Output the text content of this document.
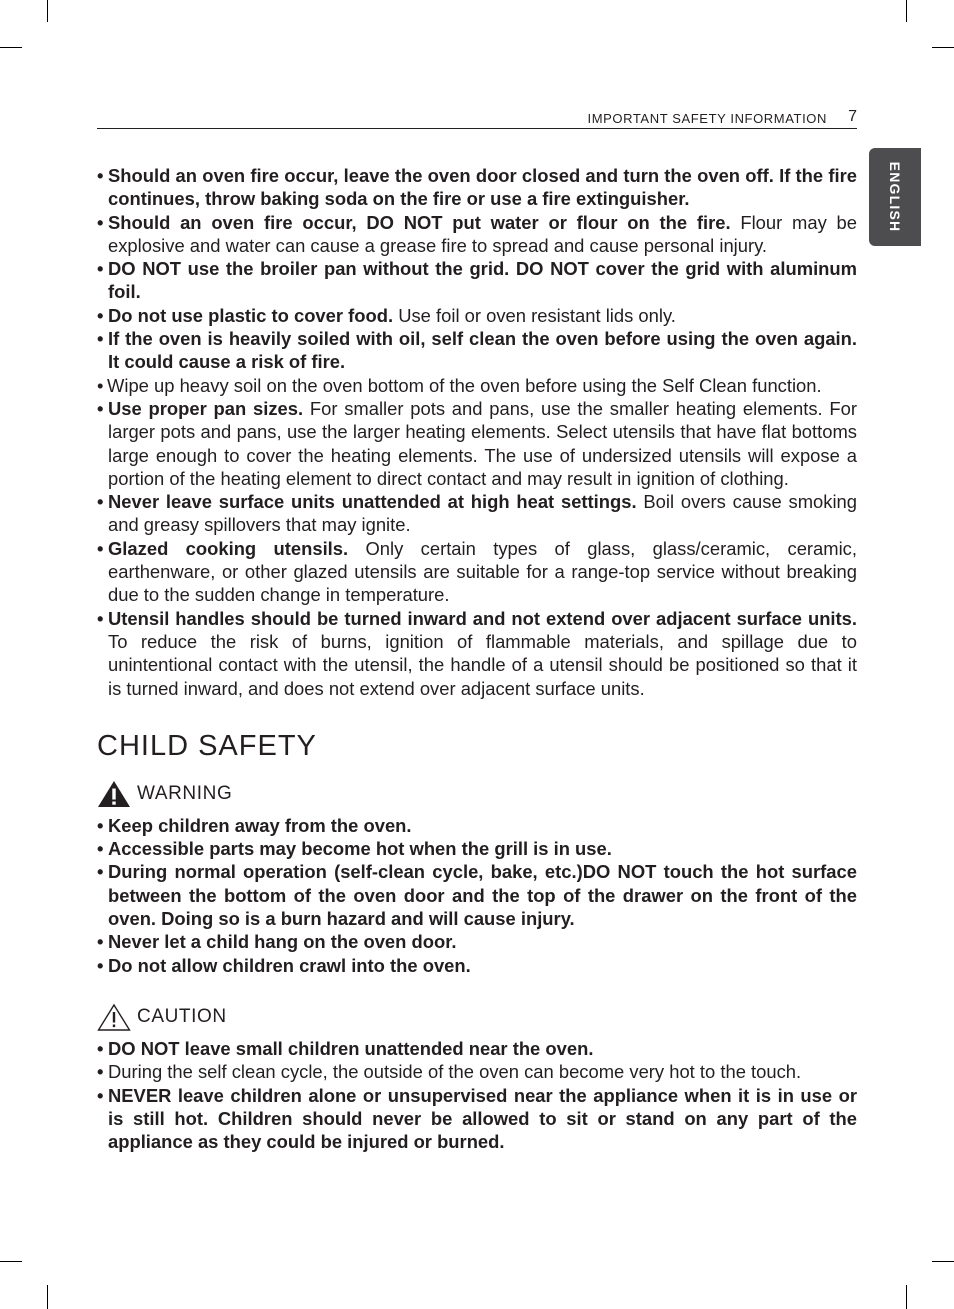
IMPORTANT SAFETY INFORMATION 7
ENGLISH
• Should an oven fire occur, leave the oven door closed and turn the oven off. If the fire continues, throw baking soda on the fire or use a fire extinguisher.
• Should an oven fire occur, DO NOT put water or flour on the fire. Flour may be explosive and water can cause a grease fire to spread and cause personal injury.
• DO NOT use the broiler pan without the grid. DO NOT cover the grid with aluminum foil.
• Do not use plastic to cover food. Use foil or oven resistant lids only.
• If the oven is heavily soiled with oil, self clean the oven before using the oven again. It could cause a risk of fire.
• Wipe up heavy soil on the oven bottom of the oven before using the Self Clean function.
• Use proper pan sizes. For smaller pots and pans, use the smaller heating elements. For larger pots and pans, use the larger heating elements. Select utensils that have flat bottoms large enough to cover the heating elements. The use of undersized utensils will expose a portion of the heating element to direct contact and may result in ignition of clothing.
• Never leave surface units unattended at high heat settings. Boil overs cause smoking and greasy spillovers that may ignite.
• Glazed cooking utensils. Only certain types of glass, glass/ceramic, ceramic, earthenware, or other glazed utensils are suitable for a range-top service without breaking due to the sudden change in temperature.
• Utensil handles should be turned inward and not extend over adjacent surface units. To reduce the risk of burns, ignition of flammable materials, and spillage due to unintentional contact with the utensil, the handle of a utensil should be positioned so that it is turned inward, and does not extend over adjacent surface units.
CHILD SAFETY
WARNING
• Keep children away from the oven.
• Accessible parts may become hot when the grill is in use.
• During normal operation (self-clean cycle, bake, etc.)DO NOT touch the hot surface between the bottom of the oven door and the top of the drawer on the front of the oven. Doing so is a burn hazard and will cause injury.
• Never let a child hang on the oven door.
• Do not allow children crawl into the oven.
CAUTION
• DO NOT leave small children unattended near the oven.
• During the self clean cycle, the outside of the oven can become very hot to the touch.
• NEVER leave children alone or unsupervised near the appliance when it is in use or is still hot. Children should never be allowed to sit or stand on any part of the appliance as they could be injured or burned.
